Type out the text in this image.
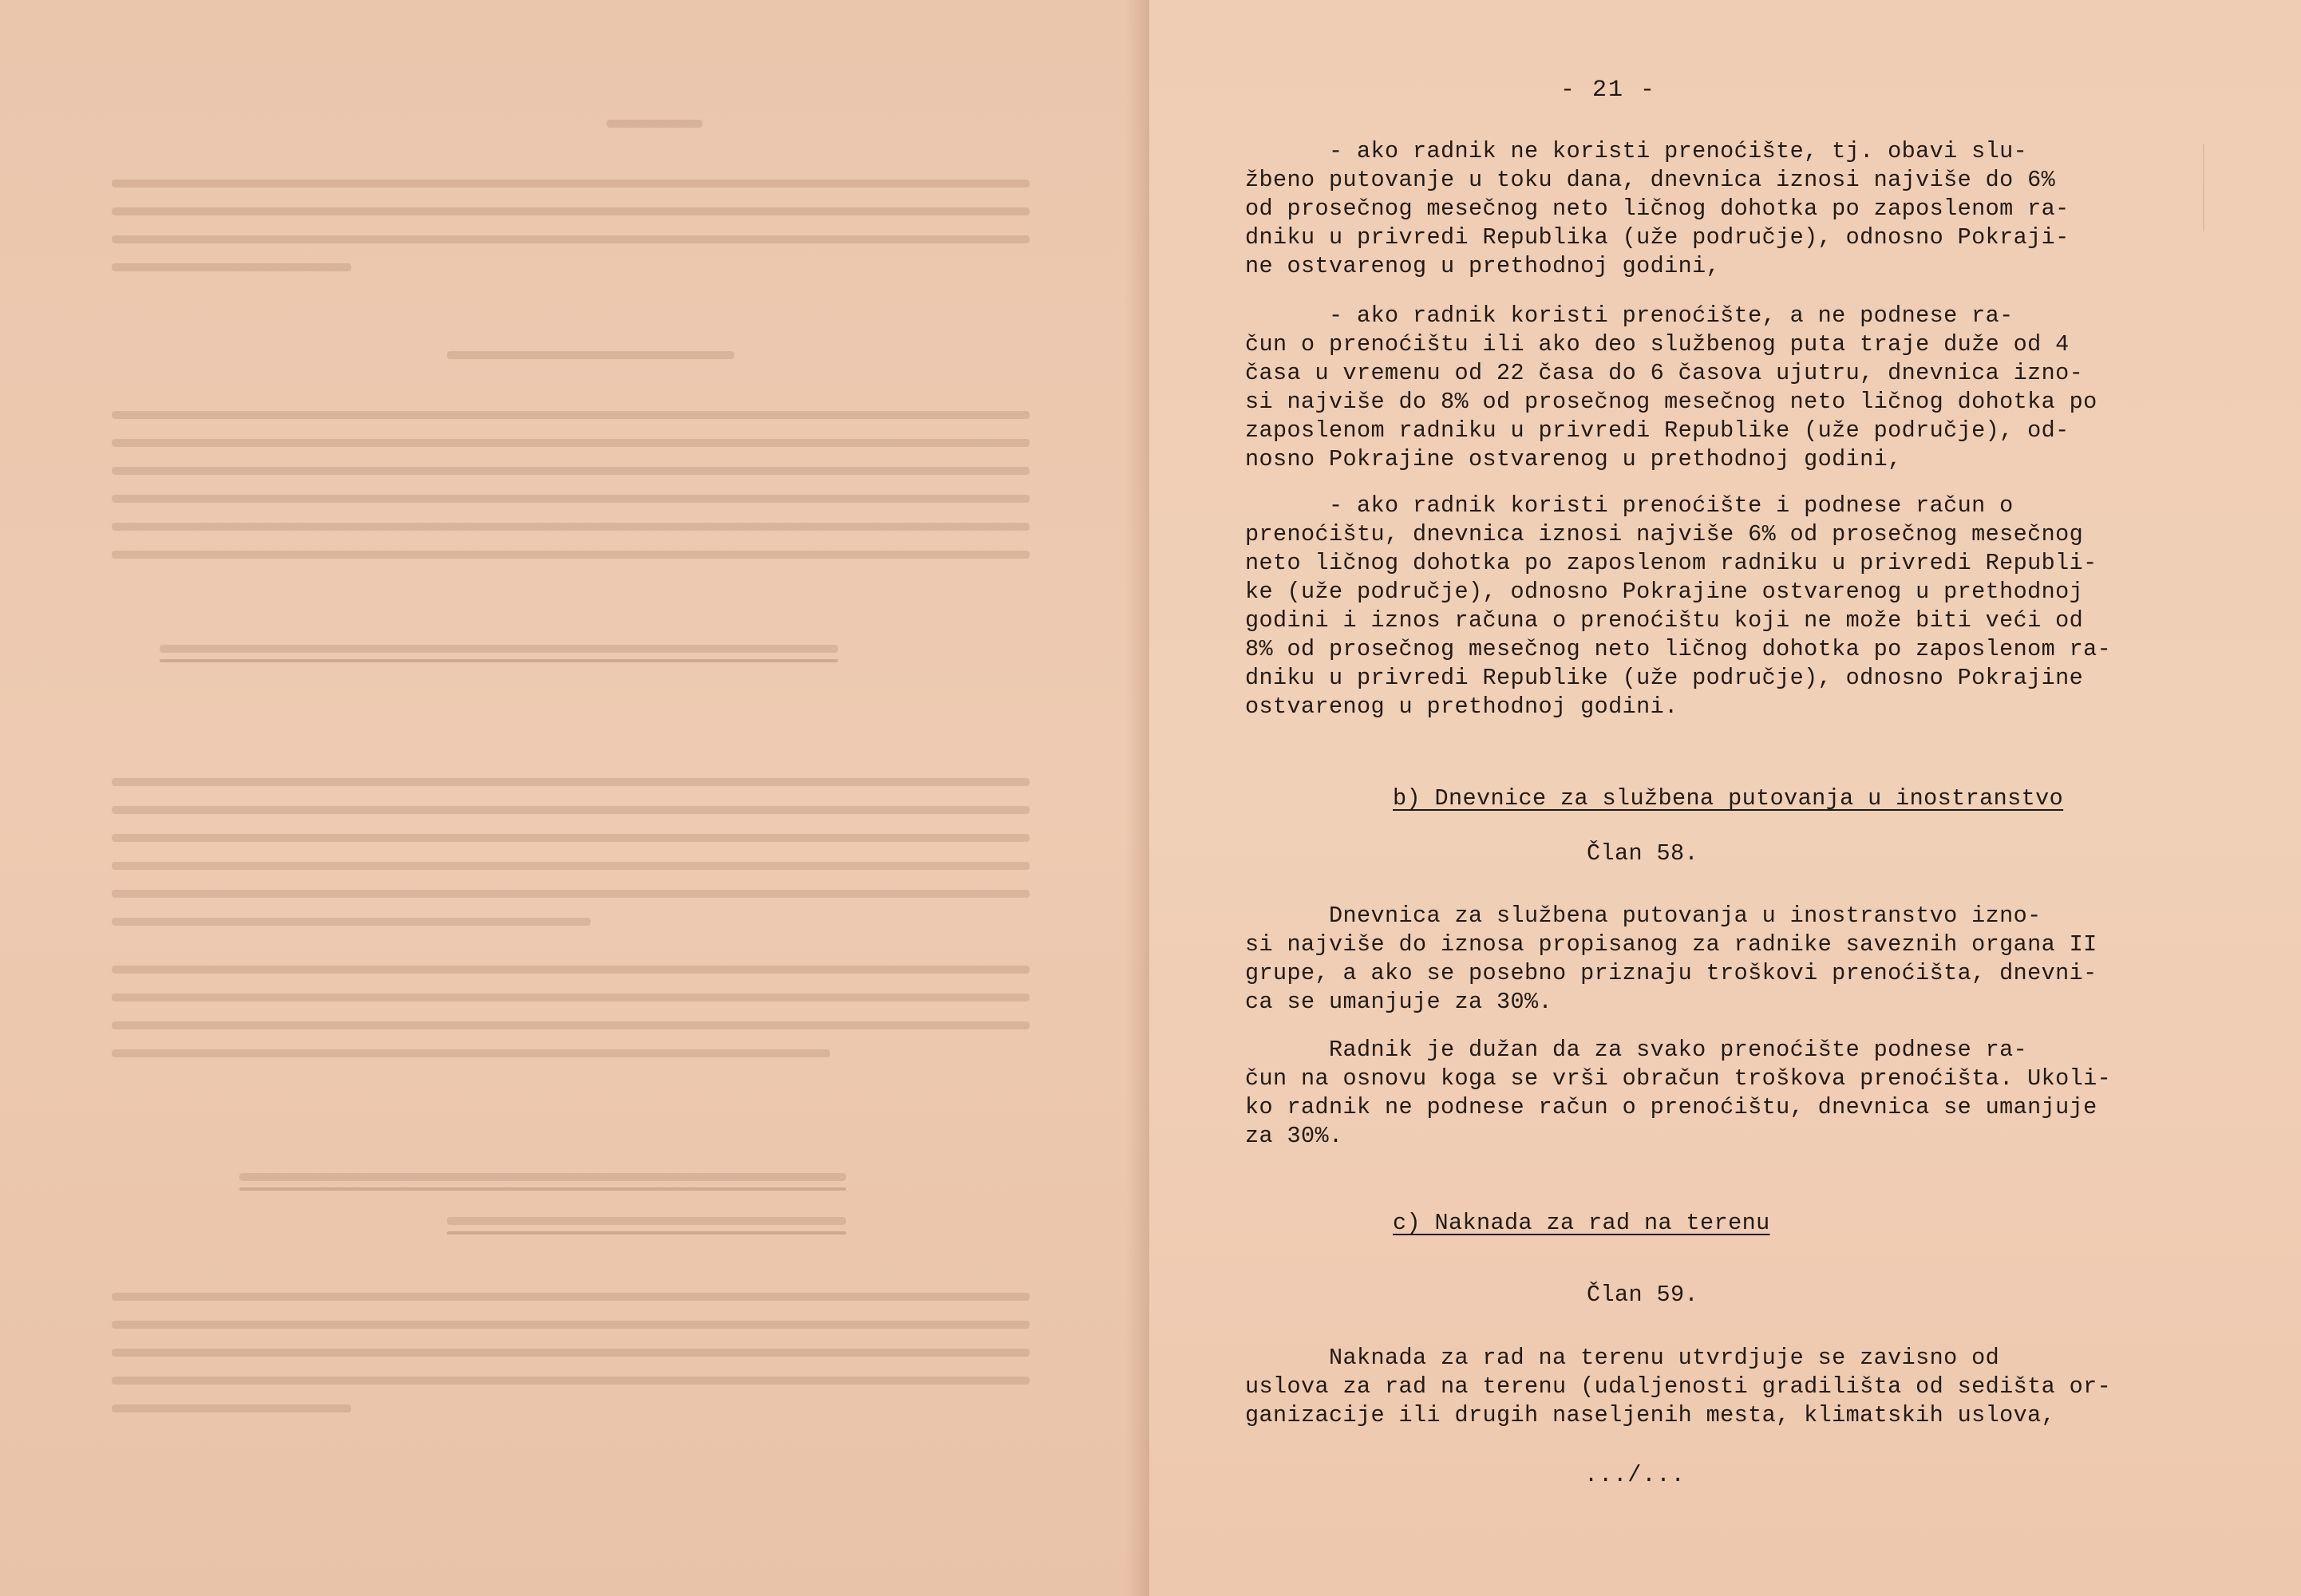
- 21 -
- ako radnik ne koristi prenoćište, tj. obavi slu-
žbeno putovanje u toku dana, dnevnica iznosi najviše do 6%
od prosečnog mesečnog neto ličnog dohotka po zaposlenom ra-
dniku u privredi Republika (uže područje), odnosno Pokraji-
ne ostvarenog u prethodnoj godini,
- ako radnik koristi prenoćište, a ne podnese ra-
čun o prenoćištu ili ako deo službenog puta traje duže od 4
časa u vremenu od 22 časa do 6 časova ujutru, dnevnica izno-
si najviše do 8% od prosečnog mesečnog neto ličnog dohotka po
zaposlenom radniku u privredi Republike (uže područje), od-
nosno Pokrajine ostvarenog u prethodnoj godini,
- ako radnik koristi prenoćište i podnese račun o
prenoćištu, dnevnica iznosi najviše 6% od prosečnog mesečnog
neto ličnog dohotka po zaposlenom radniku u privredi Republi-
ke (uže područje), odnosno Pokrajine ostvarenog u prethodnoj
godini i iznos računa o prenoćištu koji ne može biti veći od
8% od prosečnog mesečnog neto ličnog dohotka po zaposlenom ra-
dniku u privredi Republike (uže područje), odnosno Pokrajine
ostvarenog u prethodnoj godini.
b) Dnevnice za službena putovanja u inostranstvo
Član 58.
Dnevnica za službena putovanja u inostranstvo izno-
si najviše do iznosa propisanog za radnike saveznih organa II
grupe, a ako se posebno priznaju troškovi prenoćišta, dnevni-
ca se umanjuje za 30%.
Radnik je dužan da za svako prenoćište podnese ra-
čun na osnovu koga se vrši obračun troškova prenoćišta. Ukoli-
ko radnik ne podnese račun o prenoćištu, dnevnica se umanjuje
za 30%.
c) Naknada za rad na terenu
Član 59.
Naknada za rad na terenu utvrdjuje se zavisno od
uslova za rad na terenu (udaljenosti gradilišta od sedišta or-
ganizacije ili drugih naseljenih mesta, klimatskih uslova,
.../...
